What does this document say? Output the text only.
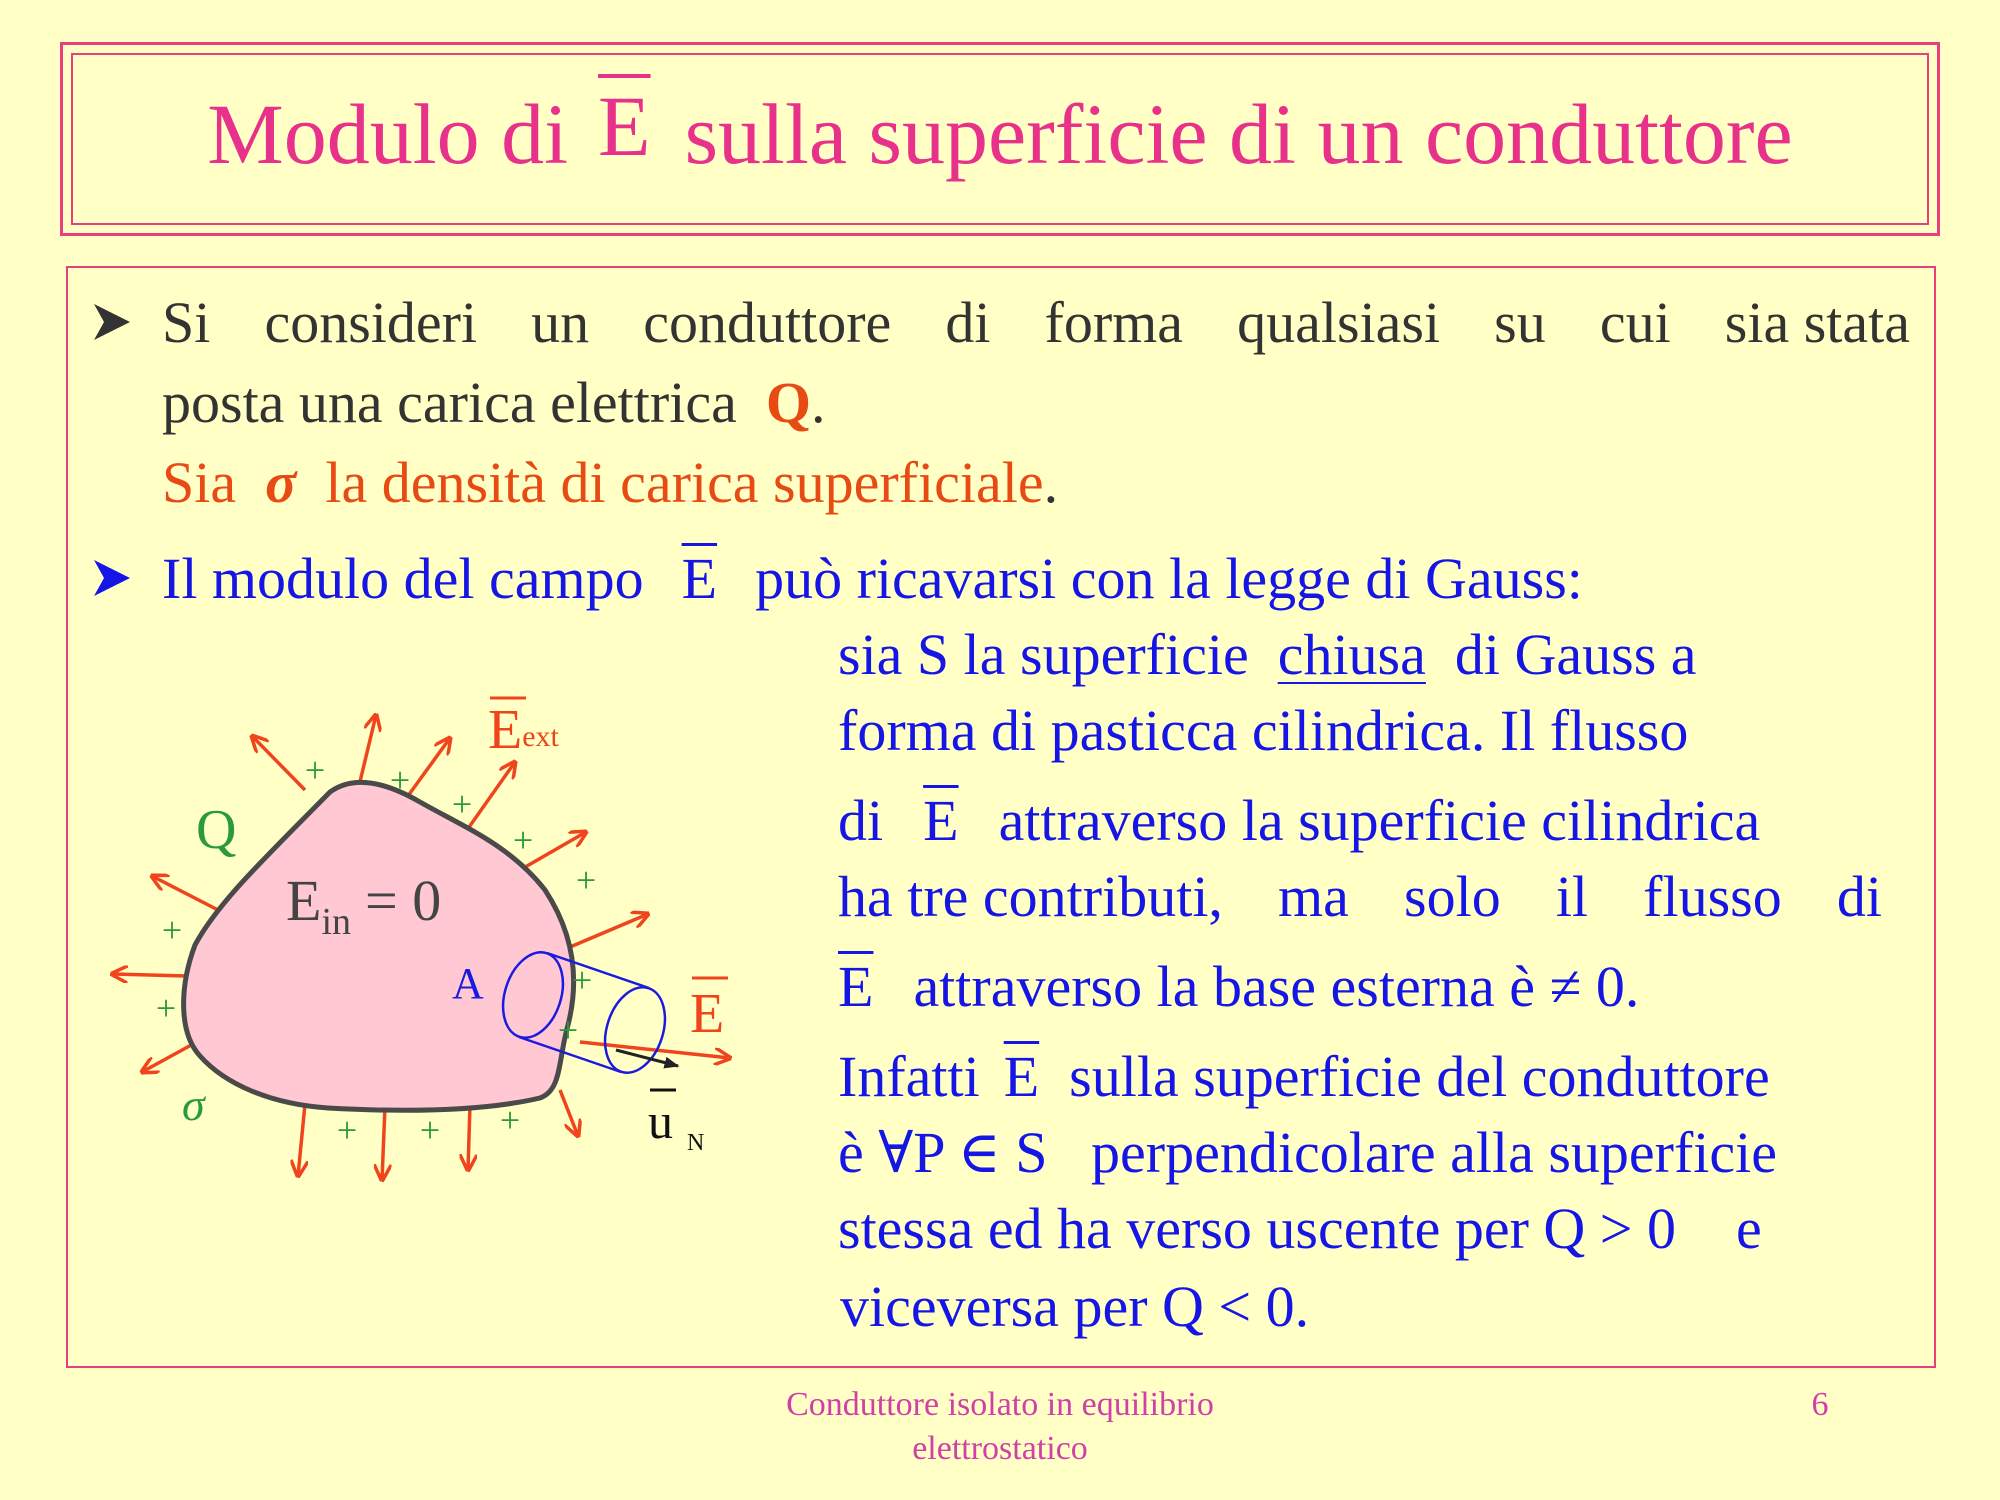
Modulo di $\overline{E}$ sulla superficie di un conduttore
Si consideri un conduttore di forma qualsiasi su cui sia stata
posta una carica elettrica Q.
Sia σ la densità di carica superficiale.
Il modulo del campo $\overline{E}$ può ricavarsi con la legge di Gauss:
sia S la superficie chiusa di Gauss a
forma di pasticca cilindrica. Il flusso
di $\overline{E}$ attraverso la superficie cilindrica
ha tre contributi, ma solo il flusso di
$\overline{E}$ attraverso la base esterna è ≠ 0.
Infatti $\overline{E}$ sulla superficie del conduttore
è ∀P ∈ S perpendicolare alla superficie
stessa ed ha verso uscente per Q > 0 e
viceversa per Q < 0.
+ +
+
+
+
+
+
+
+
+
+
+
Q
σ
$E_{in} = 0$
Eext
A	E
u $_N$
Conduttore isolato in equilibrio
elettrostatico
6
